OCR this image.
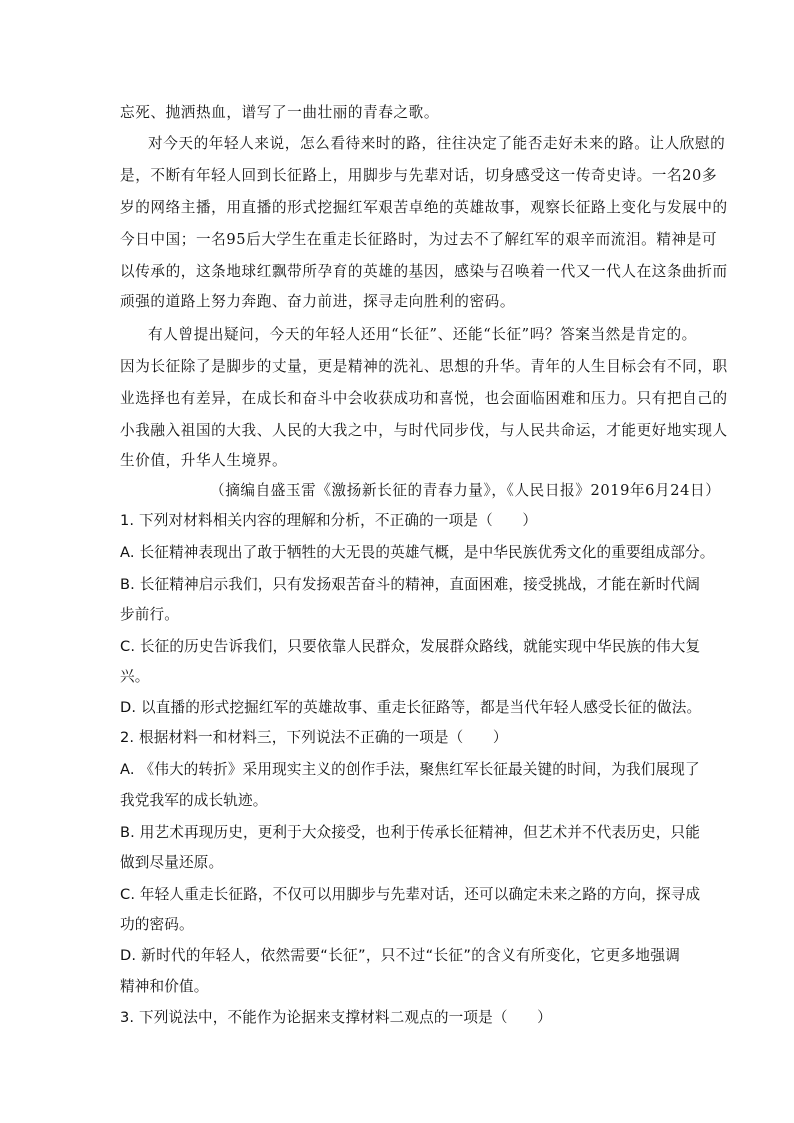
忘死、抛洒热血，谱写了一曲壮丽的青春之歌。
对今天的年轻人来说，怎么看待来时的路，往往决定了能否走好未来的路。让人欣慰的
是，不断有年轻人回到长征路上，用脚步与先辈对话，切身感受这一传奇史诗。一名20多
岁的网络主播，用直播的形式挖掘红军艰苦卓绝的英雄故事，观察长征路上变化与发展中的
今日中国；一名95后大学生在重走长征路时，为过去不了解红军的艰辛而流泪。精神是可
以传承的，这条地球红飘带所孕育的英雄的基因，感染与召唤着一代又一代人在这条曲折而
顽强的道路上努力奔跑、奋力前进，探寻走向胜利的密码。
有人曾提出疑问，今天的年轻人还用“长征”、还能“长征”吗？答案当然是肯定的。
因为长征除了是脚步的丈量，更是精神的洗礼、思想的升华。青年的人生目标会有不同，职
业选择也有差异，在成长和奋斗中会收获成功和喜悦，也会面临困难和压力。只有把自己的
小我融入祖国的大我、人民的大我之中，与时代同步伐，与人民共命运，才能更好地实现人
生价值，升华人生境界。
（摘编自盛玉雷《激扬新长征的青春力量》，《人民日报》2019年6月24日）
1. 下列对材料相关内容的理解和分析，不正确的一项是（　　）
A. 长征精神表现出了敢于牺牲的大无畏的英雄气概，是中华民族优秀文化的重要组成部分。
B. 长征精神启示我们，只有发扬艰苦奋斗的精神，直面困难，接受挑战，才能在新时代阔
步前行。
C. 长征的历史告诉我们，只要依靠人民群众，发展群众路线，就能实现中华民族的伟大复
兴。
D. 以直播的形式挖掘红军的英雄故事、重走长征路等，都是当代年轻人感受长征的做法。
2. 根据材料一和材料三，下列说法不正确的一项是（　　）
A. 《伟大的转折》采用现实主义的创作手法，聚焦红军长征最关键的时间，为我们展现了
我党我军的成长轨迹。
B. 用艺术再现历史，更利于大众接受，也利于传承长征精神，但艺术并不代表历史，只能
做到尽量还原。
C. 年轻人重走长征路，不仅可以用脚步与先辈对话，还可以确定未来之路的方向，探寻成
功的密码。
D. 新时代的年轻人，依然需要“长征”，只不过“长征”的含义有所变化，它更多地强调
精神和价值。
3. 下列说法中，不能作为论据来支撑材料二观点的一项是（　　）
